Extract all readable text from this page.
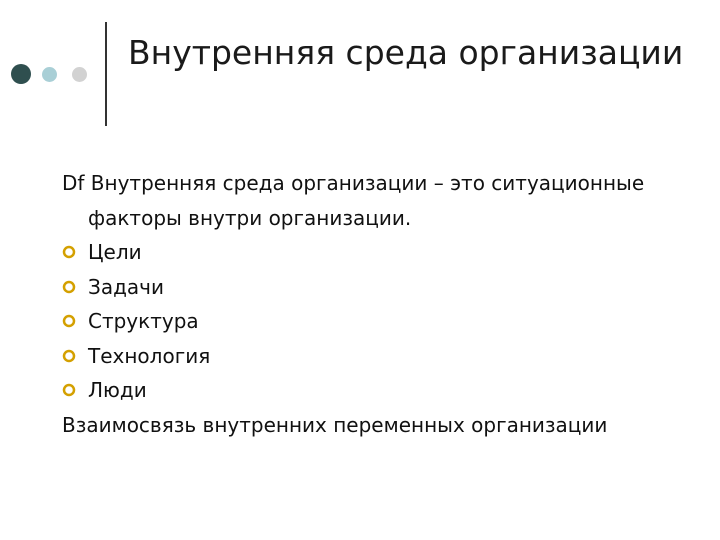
Внутренняя среда организации

Df Внутренняя среда организации – это ситуационные факторы внутри организации.

Цели
Задачи
Структура
Технология
Люди

Взаимосвязь внутренних переменных организации
